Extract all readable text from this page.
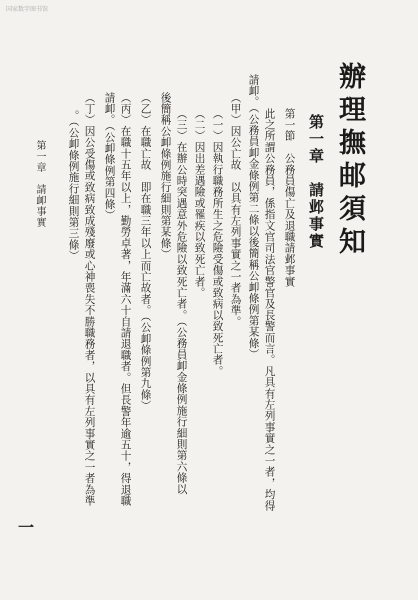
国家数字图书馆
辦理撫邮須知
第一章　請邺事實
第一節　公務員傷亡及退職請邺事實
此之所謂公務員，係指文官司法官警官及長警而言。凡具有左列事實之一者，均得
請卹。（公務員卹金條例第二條以後簡稱公卹條例第某條）
（甲）因公亡故　以具有左列事實之一者為準。
（一）因執行職務所生之危險受傷或致病以致死亡者。
（二）因出差遇險或罹疾以致死亡者。
（三）在辦公時突遇意外危險以致死亡者。（公務員卹金條例施行細則第六條以
後簡稱公卹條例施行細則第某條）
（乙）在職亡故　即在職三年以上而亡故者。（公卹條例第九條）
（丙）在職十五年以上，勤勞卓著，年滿六十自請退職者。但長警年逾五十，得退職
請卹。（公卹條例第四條）
（丁）因公受傷或致病致成殘廢或心神喪失不勝職務者，以具有左列事實之一者為準
。（公卹條例施行細則第三條）
第一章　請卹事實
一
